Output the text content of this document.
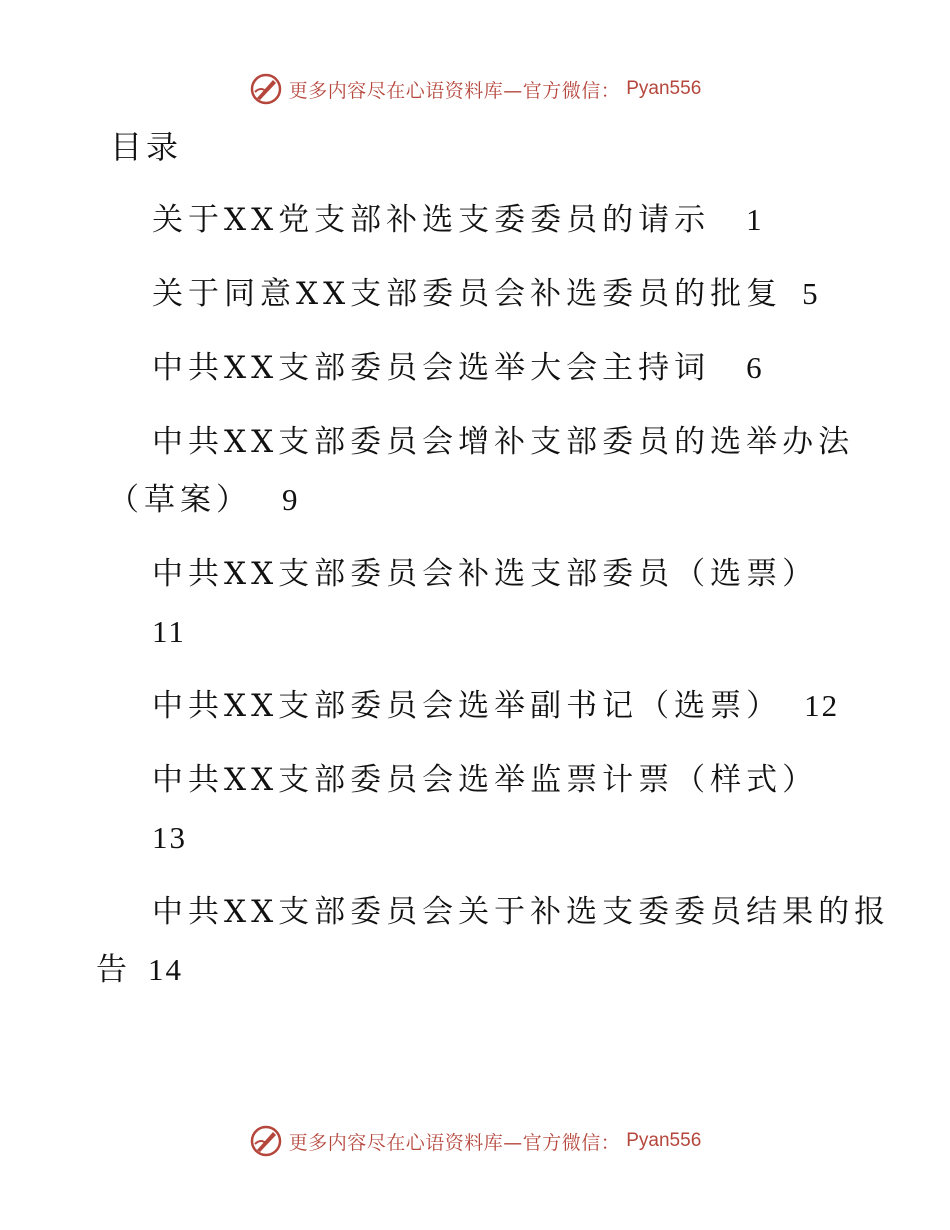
更多内容尽在心语资料库—官方微信： Pyan556
目录
关于XX党支部补选支委委员的请示 1
关于同意XX支部委员会补选委员的批复 5
中共XX支部委员会选举大会主持词 6
中共XX支部委员会增补支部委员的选举办法
（草案） 9
中共XX支部委员会补选支部委员（选票）
11
中共XX支部委员会选举副书记（选票） 12
中共XX支部委员会选举监票计票（样式）
13
中共XX支部委员会关于补选支委委员结果的报
告 14
更多内容尽在心语资料库—官方微信： Pyan556
